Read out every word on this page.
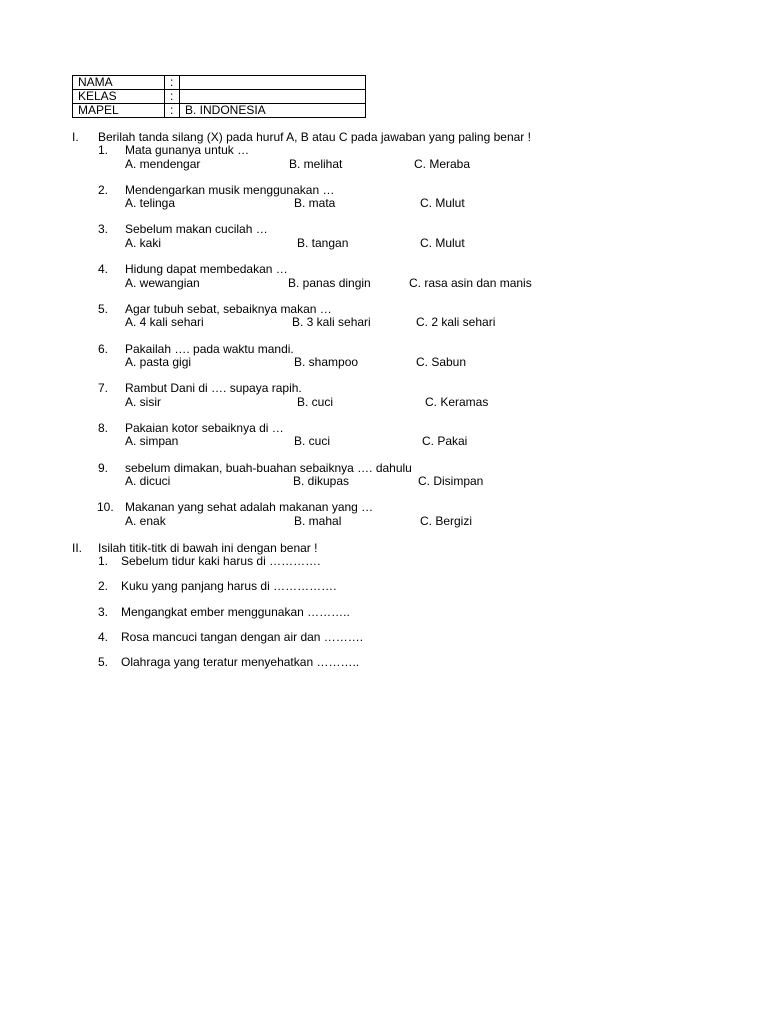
NAMA	:	
KELAS	:	
MAPEL	:	B. INDONESIA
I. Berilah tanda silang (X) pada huruf A, B atau C pada jawaban yang paling benar !
1. Mata gunanya untuk …
A. mendengar	B. melihat	C. Meraba
2. Mendengarkan musik menggunakan …
A. telinga	B. mata	C. Mulut
3. Sebelum makan cucilah …
A. kaki	B. tangan	C. Mulut
4. Hidung dapat membedakan …
A. wewangian	B. panas dingin	C. rasa asin dan manis
5. Agar tubuh sebat, sebaiknya makan …
A. 4 kali sehari	B. 3 kali sehari	C. 2 kali sehari
6. Pakailah …. pada waktu mandi.
A. pasta gigi	B. shampoo	C. Sabun
7. Rambut Dani di …. supaya rapih.
A. sisir	B. cuci	C. Keramas
8. Pakaian kotor sebaiknya di …
A. simpan	B. cuci	C. Pakai
9. sebelum dimakan, buah-buahan sebaiknya …. dahulu
A. dicuci	B. dikupas	C. Disimpan
10. Makanan yang sehat adalah makanan yang …
A. enak	B. mahal	C. Bergizi
II. Isilah titik-titk di bawah ini dengan benar !
1. Sebelum tidur kaki harus di ………….
2. Kuku yang panjang harus di …………….
3. Mengangkat ember menggunakan ………..
4. Rosa mancuci tangan dengan air dan ……….
5. Olahraga yang teratur menyehatkan ………..
